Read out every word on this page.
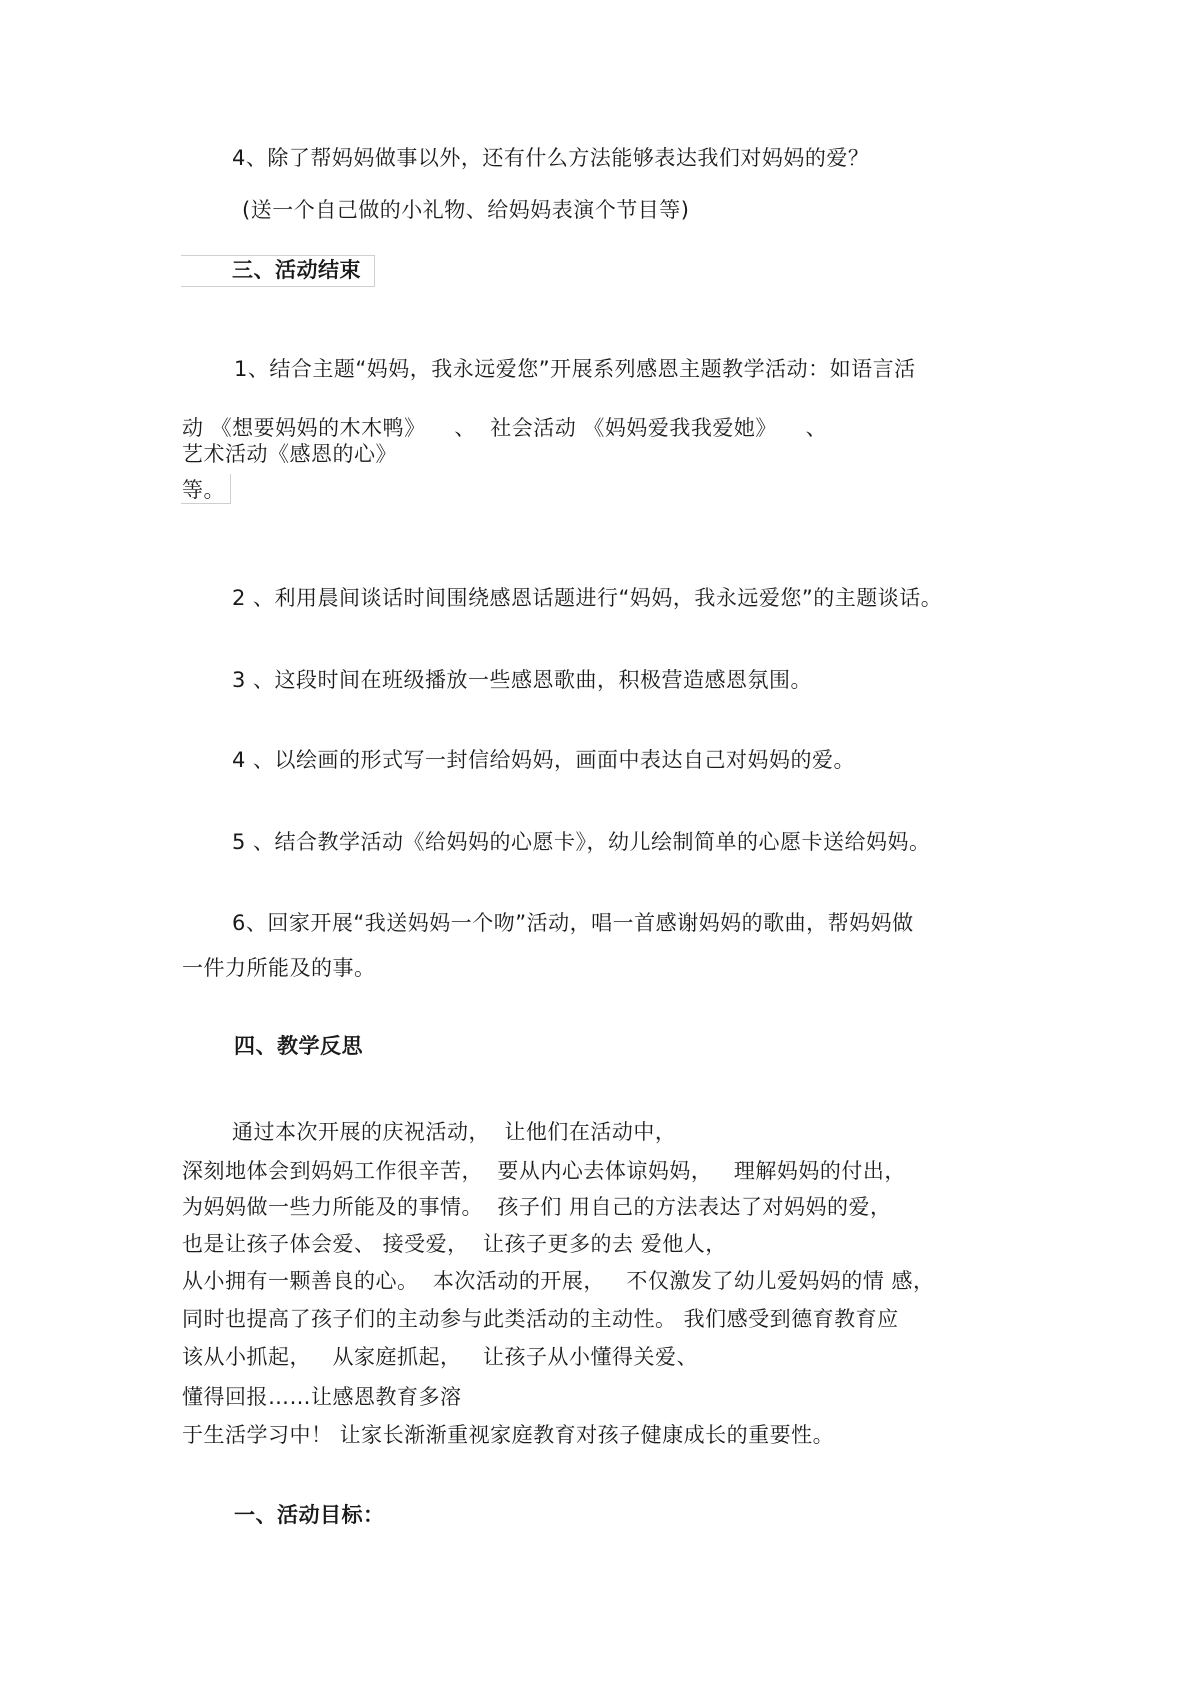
4、除了帮妈妈做事以外，还有什么方法能够表达我们对妈妈的爱？
(送一个自己做的小礼物、给妈妈表演个节目等)
三、活动结束
1、结合主题“妈妈，我永远爱您”开展系列感恩主题教学活动：如语言活
动 《想要妈妈的木木鸭》    、  社会活动 《妈妈爱我我爱她》    、
艺术活动《感恩的心》
等。
2 、利用晨间谈话时间围绕感恩话题进行“妈妈，我永远爱您”的主题谈话。
3 、这段时间在班级播放一些感恩歌曲，积极营造感恩氛围。
4 、以绘画的形式写一封信给妈妈，画面中表达自己对妈妈的爱。
5 、结合教学活动《给妈妈的心愿卡》，幼儿绘制简单的心愿卡送给妈妈。
6、回家开展“我送妈妈一个吻”活动，唱一首感谢妈妈的歌曲，帮妈妈做
一件力所能及的事。
四、教学反思
通过本次开展的庆祝活动，  让他们在活动中，
深刻地体会到妈妈工作很辛苦，  要从内心去体谅妈妈，   理解妈妈的付出，
为妈妈做一些力所能及的事情。  孩子们 用自己的方法表达了对妈妈的爱，
也是让孩子体会爱、 接受爱，  让孩子更多的去 爱他人，
从小拥有一颗善良的心。  本次活动的开展，   不仅激发了幼儿爱妈妈的情 感，
同时也提高了孩子们的主动参与此类活动的主动性。 我们感受到德育教育应
该从小抓起，   从家庭抓起，   让孩子从小懂得关爱、
懂得回报……让感恩教育多溶
于生活学习中！ 让家长渐渐重视家庭教育对孩子健康成长的重要性。
一、活动目标：
